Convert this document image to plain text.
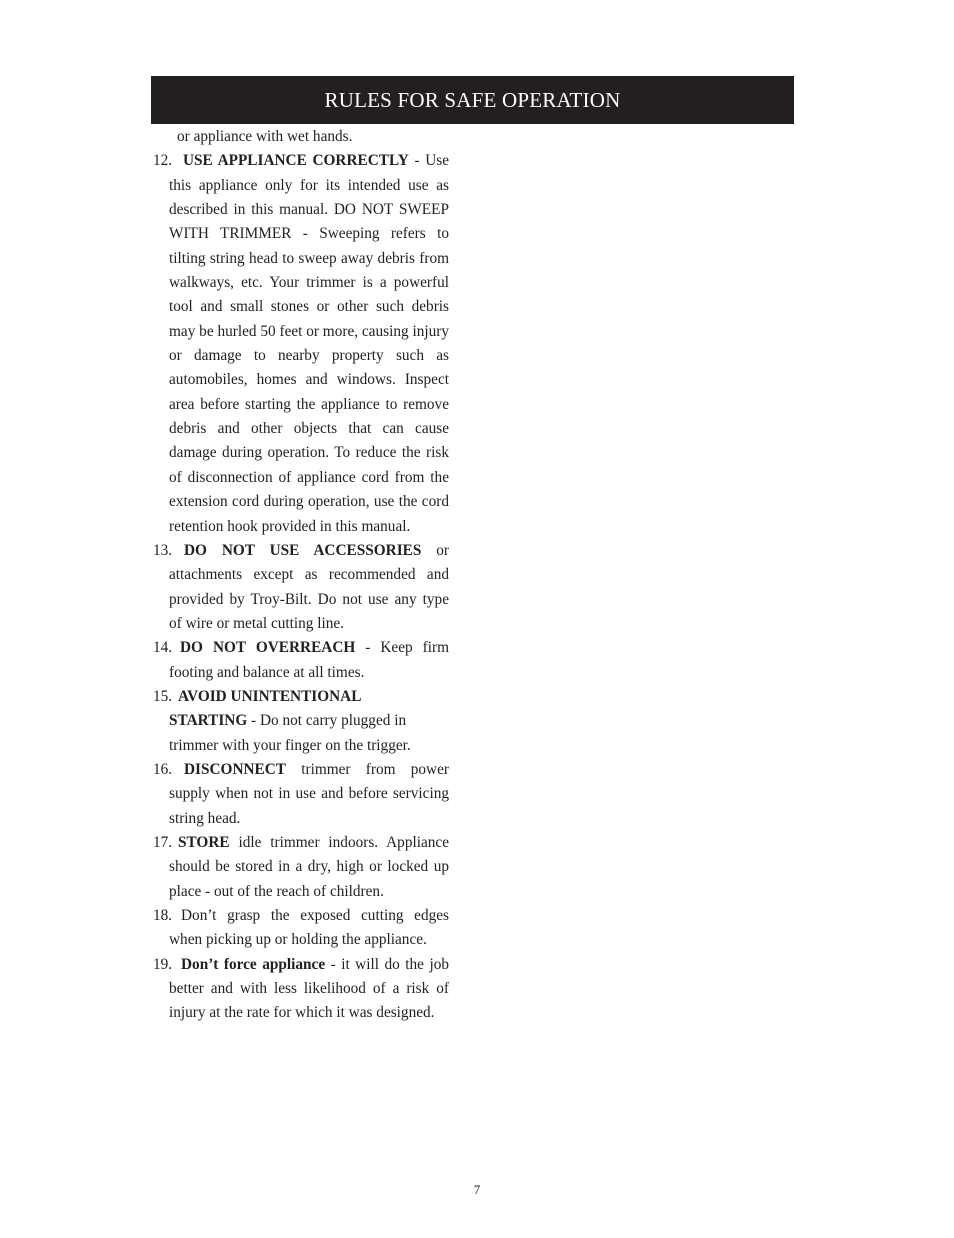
RULES FOR SAFE OPERATION
or appliance with wet hands.
12. USE APPLIANCE CORRECTLY - Use this appliance only for its intended use as described in this manual. DO NOT SWEEP WITH TRIMMER - Sweeping refers to tilting string head to sweep away debris from walkways, etc. Your trimmer is a powerful tool and small stones or other such debris may be hurled 50 feet or more, causing injury or damage to nearby property such as automobiles, homes and windows. Inspect area before starting the appliance to remove debris and other objects that can cause damage during operation. To reduce the risk of disconnection of appliance cord from the extension cord during operation, use the cord retention hook provided in this manual.
13. DO NOT USE ACCESSORIES or attachments except as recommended and provided by Troy-Bilt. Do not use any type of wire or metal cutting line.
14. DO NOT OVERREACH - Keep firm footing and balance at all times.
15. AVOID UNINTENTIONAL
STARTING - Do not carry plugged in trimmer with your finger on the trigger.
16. DISCONNECT trimmer from power supply when not in use and before servicing string head.
17. STORE idle trimmer indoors. Appliance should be stored in a dry, high or locked up place - out of the reach of children.
18. Don’t grasp the exposed cutting edges when picking up or holding the appliance.
19. Don’t force appliance - it will do the job better and with less likelihood of a risk of injury at the rate for which it was designed.
7
